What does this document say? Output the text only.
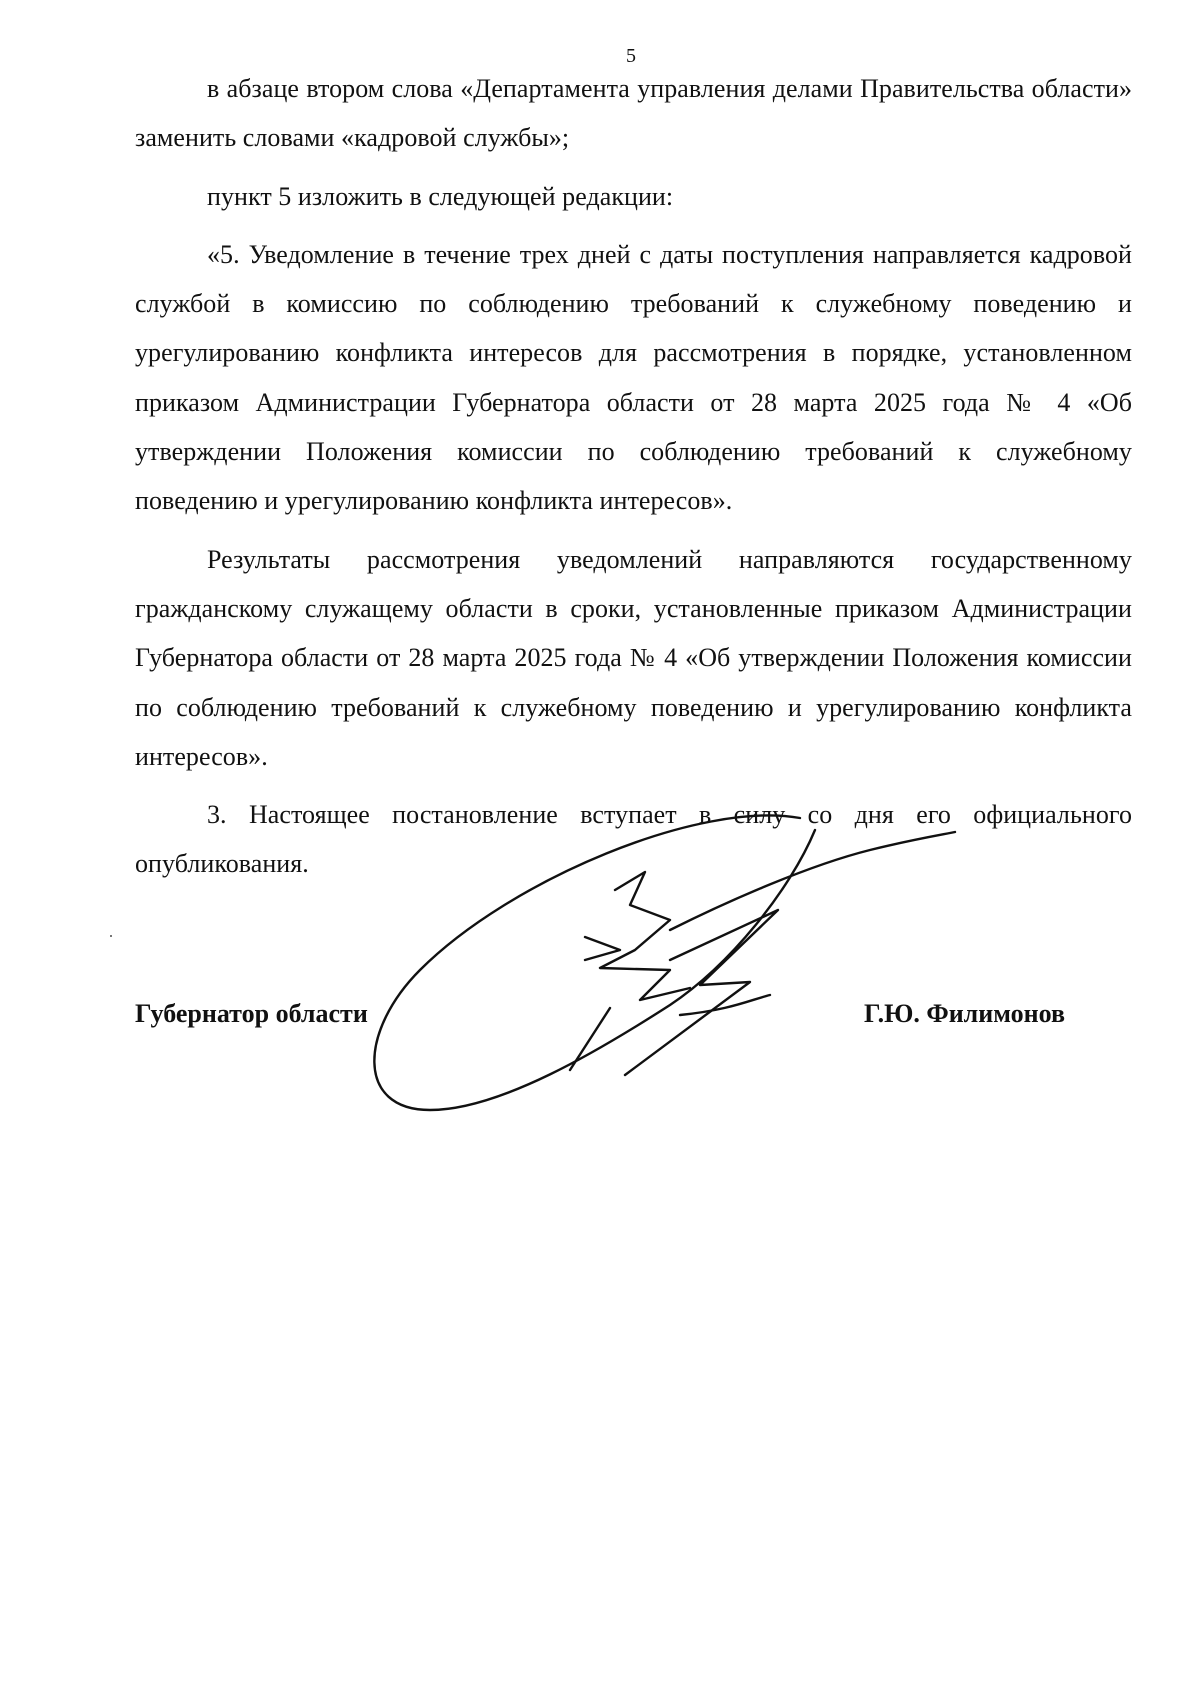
5

в абзаце втором слова «Департамента управления делами Правительства области» заменить словами «кадровой службы»;

пункт 5 изложить в следующей редакции:

«5. Уведомление в течение трех дней с даты поступления направляется кадровой службой в комиссию по соблюдению требований к служебному поведению и урегулированию конфликта интересов для рассмотрения в порядке, установленном приказом Администрации Губернатора области от 28 марта 2025 года № 4 «Об утверждении Положения комиссии по соблюдению требований к служебному поведению и урегулированию конфликта интересов».

Результаты рассмотрения уведомлений направляются государственному гражданскому служащему области в сроки, установленные приказом Администрации Губернатора области от 28 марта 2025 года № 4 «Об утверждении Положения комиссии по соблюдению требований к служебному поведению и урегулированию конфликта интересов».

3. Настоящее постановление вступает в силу со дня его официального опубликования.

Губернатор области	Г.Ю. Филимонов
